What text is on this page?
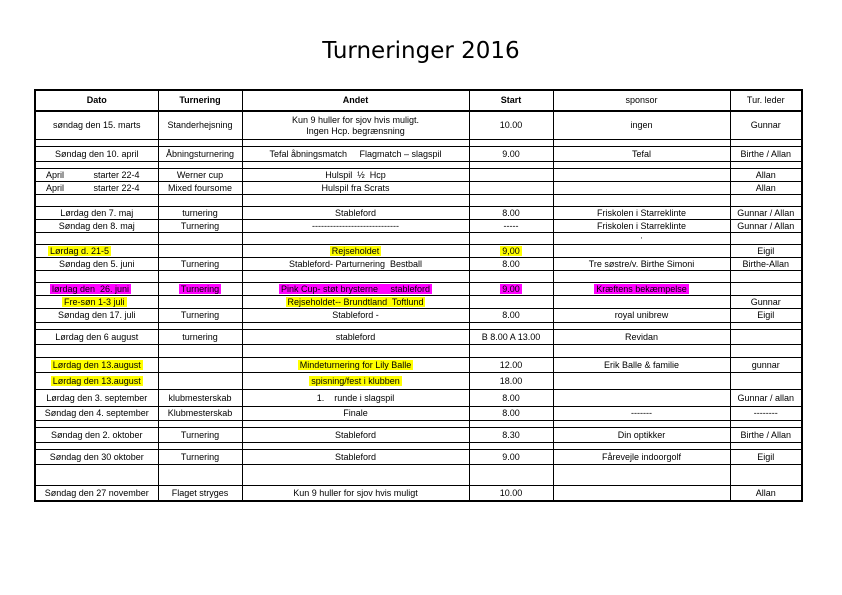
Turneringer 2016
Dato	Turnering	Andet	Start	sponsor	Tur. leder
søndag den 15. marts	Standerhejsning	Kun 9 huller for sjov hvis muligt.
Ingen Hcp. begrænsning	10.00	ingen	Gunnar

Søndag den 10. april	Åbningsturnering	Tefal åbningsmatch     Flagmatch – slagspil	9.00	Tefal	Birthe / Allan

April starter 22-4	Werner cup	Hulspil  ½  Hcp			Allan
April starter 22-4	Mixed foursome	Hulspil fra Scrats			Allan

Lørdag den 7. maj	turnering	Stableford	8.00	Friskolen i Starreklinte	Gunnar / Allan
Søndag den 8. maj	Turnering	-----------------------------	-----	Friskolen i Starreklinte	Gunnar / Allan
				,	
Lørdag d. 21-5		Rejseholdet	9,00		Eigil
Søndag den 5. juni	Turnering	Stableford- Parturnering  Bestball	8.00	Tre søstre/v. Birthe Simoni	Birthe-Allan

lørdag den  26. juni	Turnering	Pink Cup- støt brysterne     stableford	9.00	Kræftens bekæmpelse	
Fre-søn 1-3 juli		Rejseholdet-- Brundtland  Toftlund			Gunnar
Søndag den 17. juli	Turnering	Stableford -	8.00	royal unibrew	Eigil

Lørdag den 6 august	turnering	stableford	B 8.00 A 13.00	Revidan	

Lørdag den 13.august		Mindeturnering for Lily Balle	12.00	Erik Balle & familie	gunnar
Lørdag den 13.august		spisning/fest i klubben	18.00		
Lørdag den 3. september	klubmesterskab	1.    runde i slagspil	8.00		Gunnar / allan
Søndag den 4. september	Klubmesterskab	Finale	8.00	-------	--------

Søndag den 2. oktober	Turnering	Stableford	8.30	Din optikker	Birthe / Allan

Søndag den 30 oktober	Turnering	Stableford	9.00	Fårevejle indoorgolf	Eigil

Søndag den 27 november	Flaget stryges	Kun 9 huller for sjov hvis muligt	10.00		Allan
